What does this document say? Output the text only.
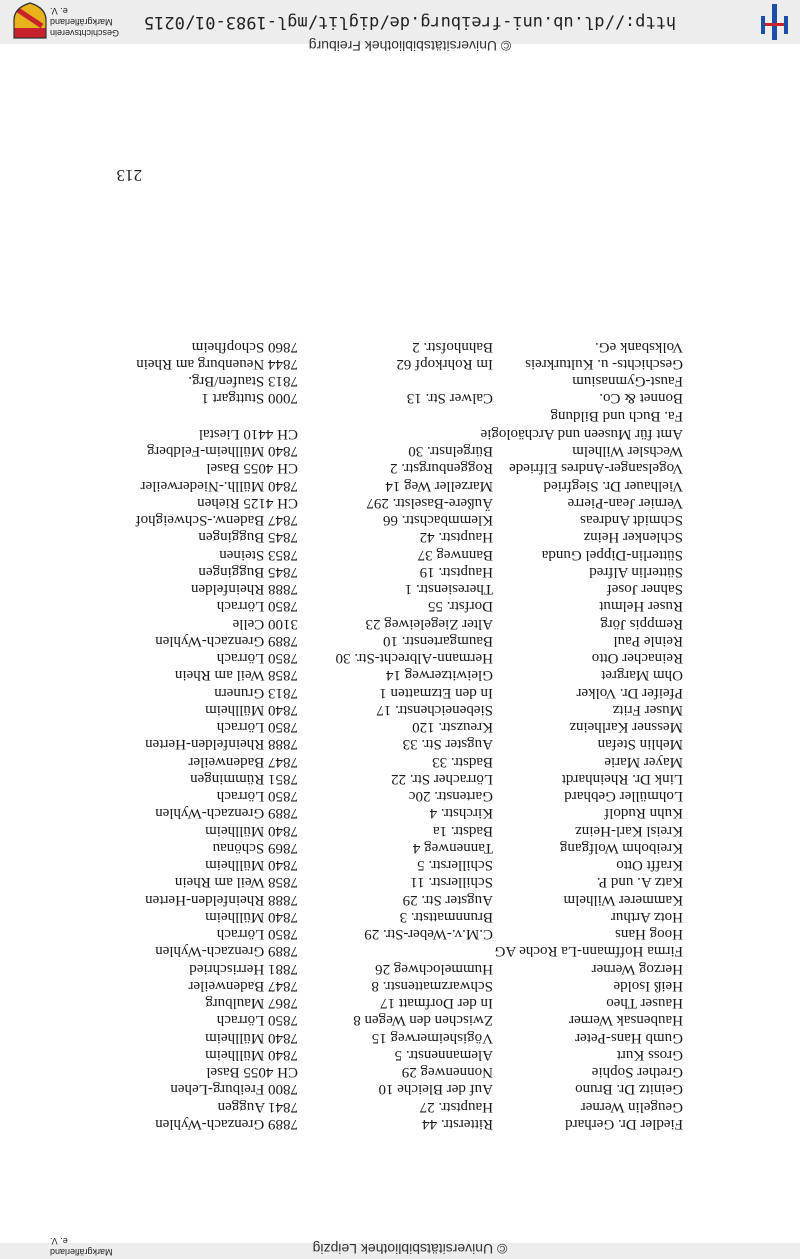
http://dl.ub.uni-freiburg.de/diglit/mgl-1983-01/0215
© Universitätsbibliothek Freiburg
Geschichtsverein
Markgräflerland e. V.
213
Fiedler Dr. Gerhard
Ritterstr. 44
7889 Grenzach-Wyhlen
Geugelin Werner
Hauptstr. 27
7841 Auggen
Geinitz Dr. Bruno
Auf der Bleiche 10
7800 Freiburg-Lehen
Grether Sophie
Nonnenweg 29
CH 4055 Basel
Gross Kurt
Alemannenstr. 5
7840 Müllheim
Gumb Hans-Peter
Vögisheimerweg 15
7840 Müllheim
Haubensak Werner
Zwischen den Wegen 8
7850 Lörrach
Hauser Theo
In der Dorfmatt 17
7867 Maulburg
Heiß Isolde
Schwarzmattenstr. 8
7847 Badenweiler
Herzog Werner
Hummelochweg 26
7881 Herrischried
Firma Hoffmann-La Roche AG
7889 Grenzach-Wyhlen
Hoog Hans
C.M.v.-Weber-Str. 29
7850 Lörrach
Hotz Arthur
Brunnmattstr. 3
7840 Müllheim
Kammerer Wilhelm
Augster Str. 29
7888 Rheinfelden-Herten
Katz A. und P.
Schillerstr. 11
7858 Weil am Rhein
Krafft Otto
Schillerstr. 5
7840 Müllheim
Kreibohm Wolfgang
Tannenweg 4
7869 Schönau
Kreisl Karl-Heinz
Badstr. 1a
7840 Müllheim
Kuhn Rudolf
Kirchstr. 4
7889 Grenzach-Wyhlen
Lohmüller Gebhard
Gartenstr. 20c
7850 Lörrach
Link Dr. Rheinhardt
Lörracher Str. 22
7851 Rümmingen
Mayer Marie
Badstr. 33
7847 Badenweiler
Mehlin Stefan
Augster Str. 33
7888 Rheinfelden-Herten
Messner Karlheinz
Kreuzstr. 120
7850 Lörrach
Muser Fritz
Siebeneichenstr. 17
7840 Müllheim
Pfeifer Dr. Volker
In den Etzmatten 1
7813 Grunern
Ohm Margret
Gleiwitzerweg 14
7858 Weil am Rhein
Reinacher Otto
Hermann-Albrecht-Str. 30
7850 Lörrach
Reinle Paul
Baumgartenstr. 10
7889 Grenzach-Wyhlen
Remppis Jörg
Alter Ziegeleiweg 23
3100 Celle
Ruser Helmut
Dorfstr. 55
7850 Lörrach
Sahner Josef
Theresienstr. 1
7888 Rheinfelden
Sütterlin Alfred
Hauptstr. 19
7845 Buggingen
Sütterlin-Dippel Gunda
Bannweg 37
7853 Steinen
Schlenker Heinz
Hauptstr. 42
7845 Buggingen
Schmidt Andreas
Klemmbachstr. 66
7847 Badenw.-Schweighof
Vernier Jean-Pierre
Äußere-Baselstr. 297
CH 4125 Riehen
Vielhauer Dr. Siegfried
Marzeller Weg 14
7840 Müllh.-Niederweiler
Vogelsanger-Andres Elfriede
Roggenburgstr. 2
CH 4055 Basel
Wechsler Wilhelm
Bürgelnstr. 30
7840 Müllheim-Feldberg
Amt für Museen und Archäologie
CH 4410 Liestal
Fa. Buch und Bildung
Bonnet & Co.
Calwer Str. 13
7000 Stuttgart 1
Faust-Gymnasium
7813 Staufen/Brg.
Geschichts- u. Kulturkreis
Im Rohrkopf 62
7844 Neuenburg am Rhein
Volksbank eG.
Bahnhofstr. 2
7860 Schopfheim
© Universitätsbibliothek Leipzig
Markgräflerland e. V.
